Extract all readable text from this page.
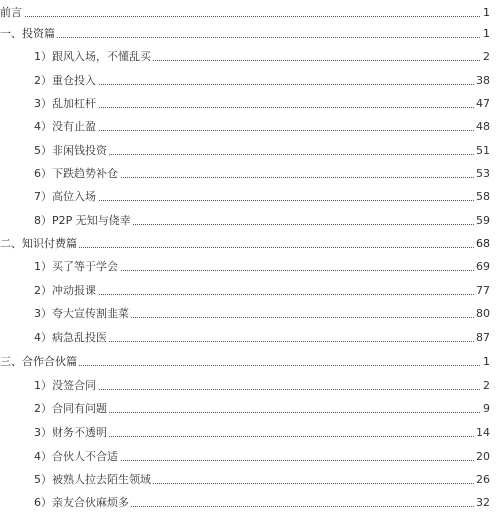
前言	1
一、投资篇	1
1）跟风入场，不懂乱买	2
2）重仓投入	38
3）乱加杠杆	47
4）没有止盈	48
5）非闲钱投资	51
6）下跌趋势补仓	53
7）高位入场	58
8）P2P 无知与侥幸	59
二、知识付费篇	68
1）买了等于学会	69
2）冲动报课	77
3）夸大宣传割韭菜	80
4）病急乱投医	87
三、合作合伙篇	1
1）没签合同	2
2）合同有问题	9
3）财务不透明	14
4）合伙人不合适	20
5）被熟人拉去陌生领域	26
6）亲友合伙麻烦多	32
